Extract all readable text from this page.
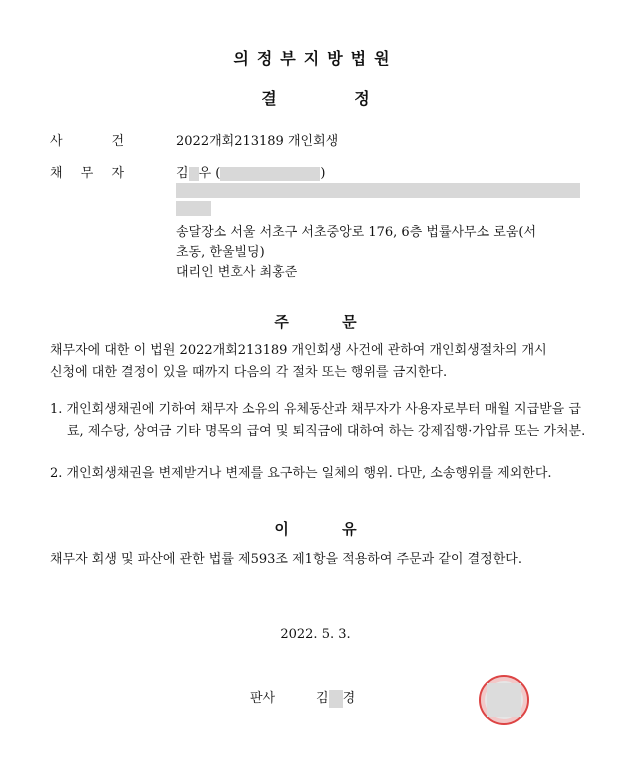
의정부지방법원
결 정
사	건	2022개회213189 개인회생
채 무 자	김 우 (	)
송달장소 서울 서초구 서초중앙로 176, 6층 법률사무소 로움(서
초동, 한울빌딩)
대리인 변호사 최홍준
주 문
채무자에 대한 이 법원 2022개회213189 개인회생 사건에 관하여 개인회생절차의 개시
신청에 대한 결정이 있을 때까지 다음의 각 절차 또는 행위를 금지한다.
1. 개인회생채권에 기하여 채무자 소유의 유체동산과 채무자가 사용자로부터 매월 지급받을 급료, 제수당, 상여금 기타 명목의 급여 및 퇴직금에 대하여 하는 강제집행·가압류 또는 가처분.
2. 개인회생채권을 변제받거나 변제를 요구하는 일체의 행위. 다만, 소송행위를 제외한다.
이 유
채무자 회생 및 파산에 관한 법률 제593조 제1항을 적용하여 주문과 같이 결정한다.
2022. 5. 3.
판사	김 경
